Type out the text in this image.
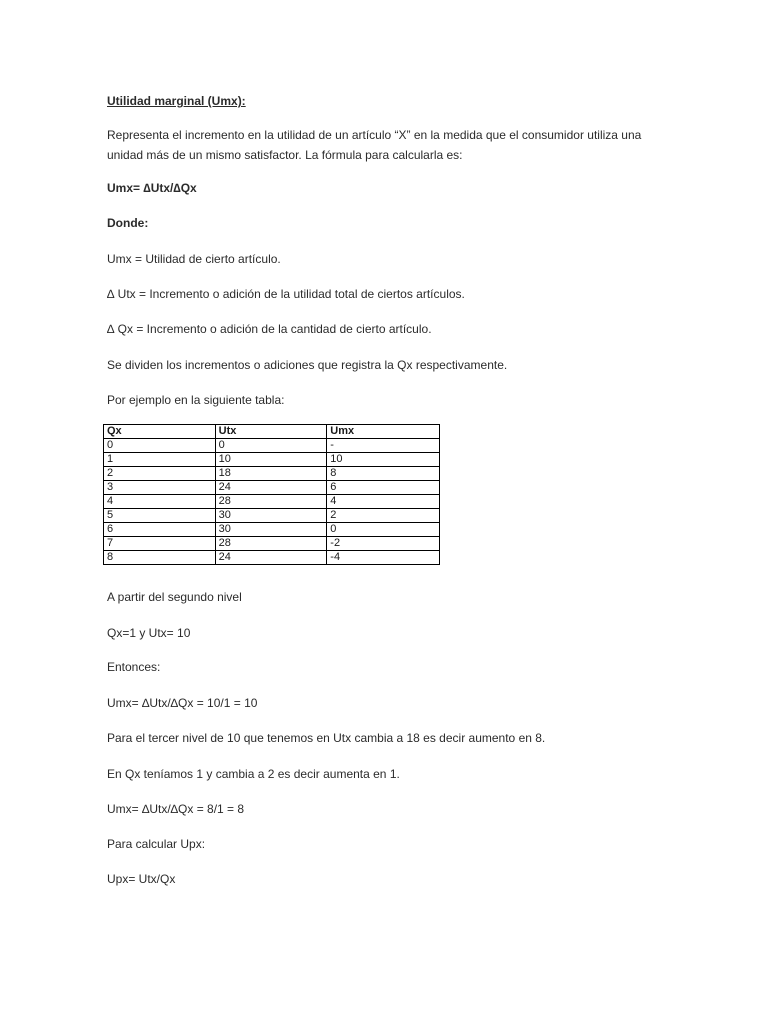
Utilidad marginal (Umx):

Representa el incremento en la utilidad de un artículo “X” en la medida que el consumidor utiliza una unidad más de un mismo satisfactor. La fórmula para calcularla es:

Umx= ∆Utx/∆Qx

Donde:

Umx = Utilidad de cierto artículo.

∆ Utx = Incremento o adición de la utilidad total de ciertos artículos.

∆ Qx = Incremento o adición de la cantidad de cierto artículo.

Se dividen los incrementos o adiciones que registra la Qx respectivamente.

Por ejemplo en la siguiente tabla:

Qx	Utx	Umx
0	0	-
1	10	10
2	18	8
3	24	6
4	28	4
5	30	2
6	30	0
7	28	-2
8	24	-4

A partir del segundo nivel

Qx=1 y Utx= 10

Entonces:

Umx= ∆Utx/∆Qx = 10/1 = 10

Para el tercer nivel de 10 que tenemos en Utx cambia a 18 es decir aumento en 8.

En Qx teníamos 1 y cambia a 2 es decir aumenta en 1.

Umx= ∆Utx/∆Qx = 8/1 = 8

Para calcular Upx:

Upx= Utx/Qx
